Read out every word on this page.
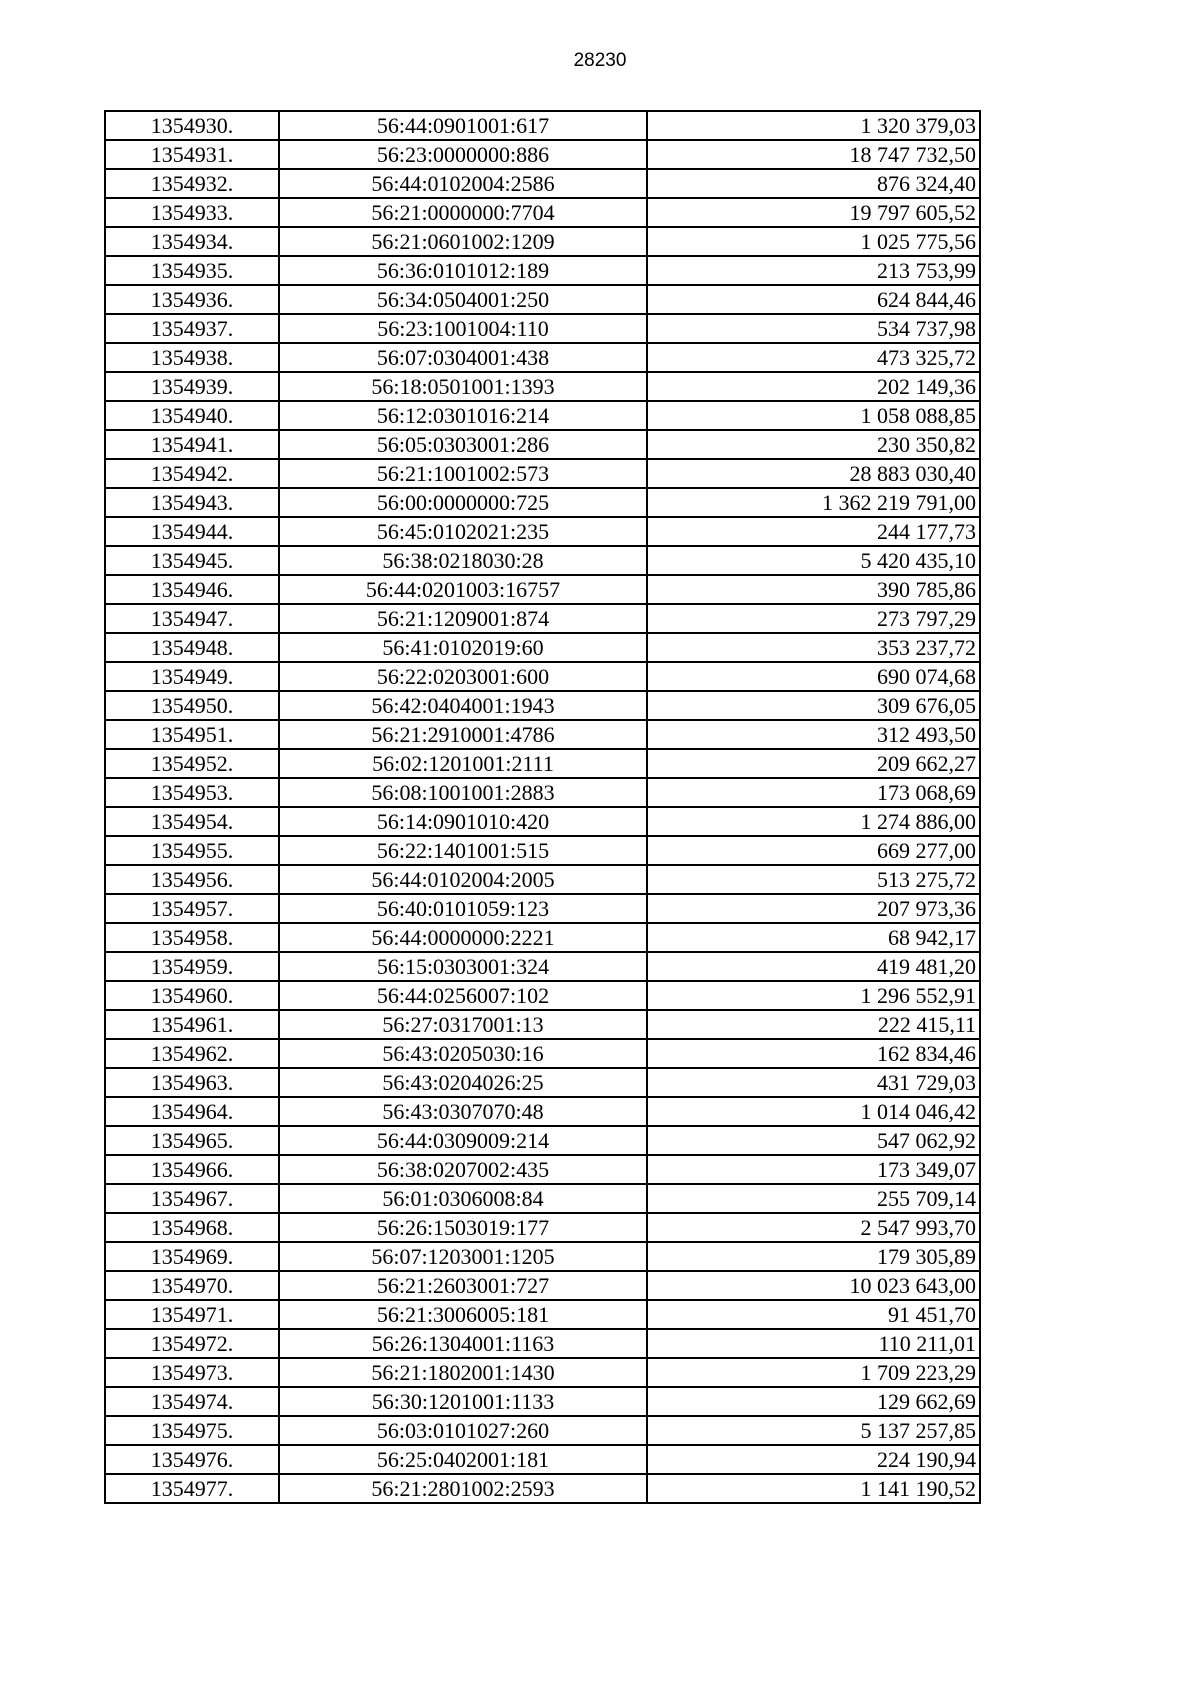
28230
1354930.	56:44:0901001:617	1 320 379,03
1354931.	56:23:0000000:886	18 747 732,50
1354932.	56:44:0102004:2586	876 324,40
1354933.	56:21:0000000:7704	19 797 605,52
1354934.	56:21:0601002:1209	1 025 775,56
1354935.	56:36:0101012:189	213 753,99
1354936.	56:34:0504001:250	624 844,46
1354937.	56:23:1001004:110	534 737,98
1354938.	56:07:0304001:438	473 325,72
1354939.	56:18:0501001:1393	202 149,36
1354940.	56:12:0301016:214	1 058 088,85
1354941.	56:05:0303001:286	230 350,82
1354942.	56:21:1001002:573	28 883 030,40
1354943.	56:00:0000000:725	1 362 219 791,00
1354944.	56:45:0102021:235	244 177,73
1354945.	56:38:0218030:28	5 420 435,10
1354946.	56:44:0201003:16757	390 785,86
1354947.	56:21:1209001:874	273 797,29
1354948.	56:41:0102019:60	353 237,72
1354949.	56:22:0203001:600	690 074,68
1354950.	56:42:0404001:1943	309 676,05
1354951.	56:21:2910001:4786	312 493,50
1354952.	56:02:1201001:2111	209 662,27
1354953.	56:08:1001001:2883	173 068,69
1354954.	56:14:0901010:420	1 274 886,00
1354955.	56:22:1401001:515	669 277,00
1354956.	56:44:0102004:2005	513 275,72
1354957.	56:40:0101059:123	207 973,36
1354958.	56:44:0000000:2221	68 942,17
1354959.	56:15:0303001:324	419 481,20
1354960.	56:44:0256007:102	1 296 552,91
1354961.	56:27:0317001:13	222 415,11
1354962.	56:43:0205030:16	162 834,46
1354963.	56:43:0204026:25	431 729,03
1354964.	56:43:0307070:48	1 014 046,42
1354965.	56:44:0309009:214	547 062,92
1354966.	56:38:0207002:435	173 349,07
1354967.	56:01:0306008:84	255 709,14
1354968.	56:26:1503019:177	2 547 993,70
1354969.	56:07:1203001:1205	179 305,89
1354970.	56:21:2603001:727	10 023 643,00
1354971.	56:21:3006005:181	91 451,70
1354972.	56:26:1304001:1163	110 211,01
1354973.	56:21:1802001:1430	1 709 223,29
1354974.	56:30:1201001:1133	129 662,69
1354975.	56:03:0101027:260	5 137 257,85
1354976.	56:25:0402001:181	224 190,94
1354977.	56:21:2801002:2593	1 141 190,52
